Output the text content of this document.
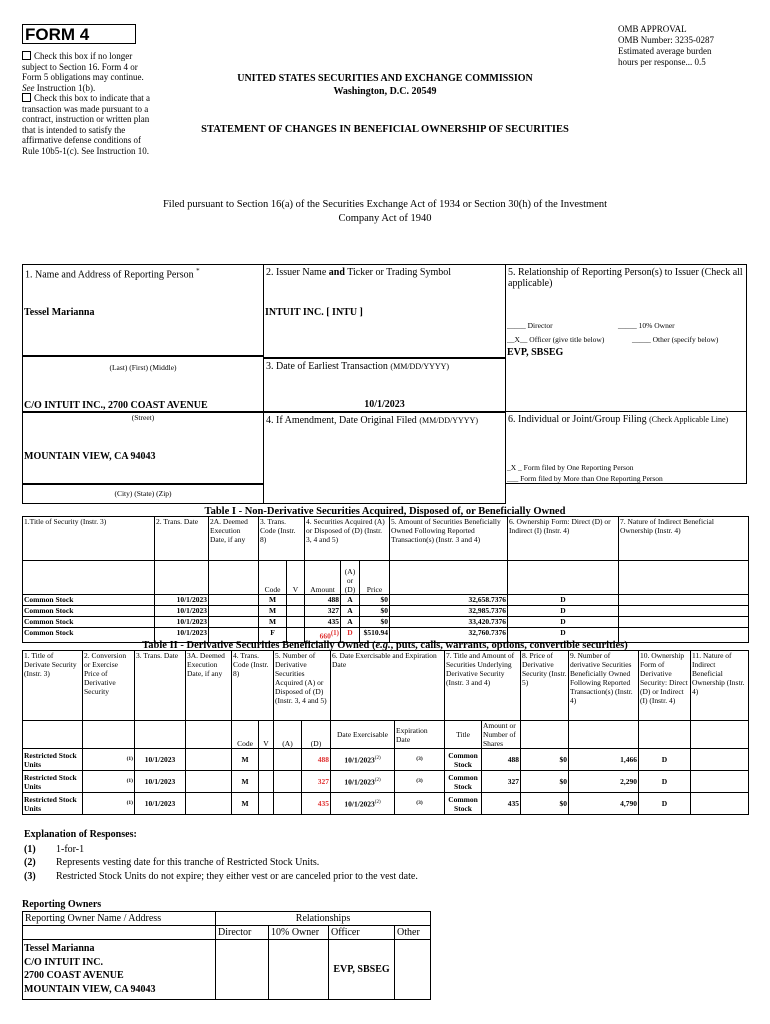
FORM 4
Check this box if no longer subject to Section 16. Form 4 or Form 5 obligations may continue. See Instruction 1(b).
Check this box to indicate that a transaction was made pursuant to a contract, instruction or written plan that is intended to satisfy the affirmative defense conditions of Rule 10b5-1(c). See Instruction 10.
OMB APPROVAL
OMB Number: 3235-0287
Estimated average burden
hours per response... 0.5
UNITED STATES SECURITIES AND EXCHANGE COMMISSION
Washington, D.C. 20549
STATEMENT OF CHANGES IN BENEFICIAL OWNERSHIP OF SECURITIES
Filed pursuant to Section 16(a) of the Securities Exchange Act of 1934 or Section 30(h) of the Investment Company Act of 1940
1. Name and Address of Reporting Person *
Tessel Marianna
(Last) (First) (Middle)
C/O INTUIT INC., 2700 COAST AVENUE
(Street)
MOUNTAIN VIEW, CA 94043
(City) (State) (Zip)
2. Issuer Name and Ticker or Trading Symbol
INTUIT INC. [ INTU ]
3. Date of Earliest Transaction (MM/DD/YYYY)
10/1/2023
4. If Amendment, Date Original Filed (MM/DD/YYYY)
5. Relationship of Reporting Person(s) to Issuer (Check all applicable)
_____ Director	_____ 10% Owner
__X__ Officer (give title below)	_____ Other (specify below)
EVP, SBSEG
6. Individual or Joint/Group Filing (Check Applicable Line)
_X _ Form filed by One Reporting Person
___ Form filed by More than One Reporting Person
Table I - Non-Derivative Securities Acquired, Disposed of, or Beneficially Owned
1.Title of Security (Instr. 3)	2. Trans. Date	2A. Deemed Execution Date, if any	3. Trans. Code (Instr. 8)		4. Securities Acquired (A) or Disposed of (D) (Instr. 3, 4 and 5)			5. Amount of Securities Beneficially Owned Following Reported Transaction(s) (Instr. 3 and 4)	6. Ownership Form: Direct (D) or Indirect (I) (Instr. 4)	7. Nature of Indirect Beneficial Ownership (Instr. 4)
			Code	V	Amount	(A) or (D)	Price			
Common Stock	10/1/2023		M		488	A	$0	32,658.7376	D	
Common Stock	10/1/2023		M		327	A	$0	32,985.7376	D	
Common Stock	10/1/2023		M		435	A	$0	33,420.7376	D	
Common Stock	10/1/2023		F		660$^{(1)}$	D	$510.94	32,760.7376	D	
Table II - Derivative Securities Beneficially Owned (e.g., puts, calls, warrants, options, convertible securities)
1. Title of Derivate Security (Instr. 3)	2. Conversion or Exercise Price of Derivative Security	3. Trans. Date	3A. Deemed Execution Date, if any	4. Trans. Code (Instr. 8)		5. Number of Derivative Securities Acquired (A) or Disposed of (D) (Instr. 3, 4 and 5)		6. Date Exercisable and Expiration Date		7. Title and Amount of Securities Underlying Derivative Security (Instr. 3 and 4)		8. Price of Derivative Security (Instr. 5)	9. Number of derivative Securities Beneficially Owned Following Reported Transaction(s) (Instr. 4)	10. Ownership Form of Derivative Security: Direct (D) or Indirect (I) (Instr. 4)	11. Nature of Indirect Beneficial Ownership (Instr. 4)
				Code	V	(A)	(D)	Date Exercisable	Expiration Date	Title	Amount or Number of Shares				
Restricted Stock Units	(1)	10/1/2023		M			488	10/1/2023$^{(2)}$	(3)	Common Stock	488	$0	1,466	D	
Restricted Stock Units	(1)	10/1/2023		M			327	10/1/2023$^{(2)}$	(3)	Common Stock	327	$0	2,290	D	
Restricted Stock Units	(1)	10/1/2023		M			435	10/1/2023$^{(2)}$	(3)	Common Stock	435	$0	4,790	D	
Explanation of Responses:
(1)	1-for-1
(2)	Represents vesting date for this tranche of Restricted Stock Units.
(3)	Restricted Stock Units do not expire; they either vest or are canceled prior to the vest date.
Reporting Owners
Reporting Owner Name / Address	Relationships			
	Director	10% Owner	Officer	Other

Tessel Marianna
C/O INTUIT INC.
2700 COAST AVENUE
MOUNTAIN VIEW, CA 94043			EVP, SBSEG	
